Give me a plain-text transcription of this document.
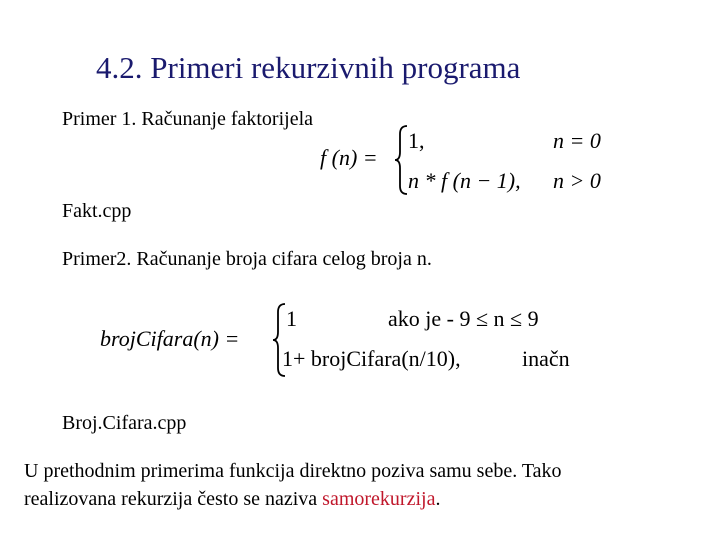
4.2. Primeri rekurzivnih programa
Primer 1. Računanje faktorijela
f (n) =
1,	n = 0
n * f (n − 1), n > 0
Fakt.cpp
Primer2. Računanje broja cifara celog broja n.
brojCifara(n) =
1	ako je - 9 ≤ n ≤ 9
1+ brojCifara(n/10),	inačn
Broj.Cifara.cpp
U prethodnim primerima funkcija direktno poziva samu sebe. Tako
realizovana rekurzija često se naziva samorekurzija.
